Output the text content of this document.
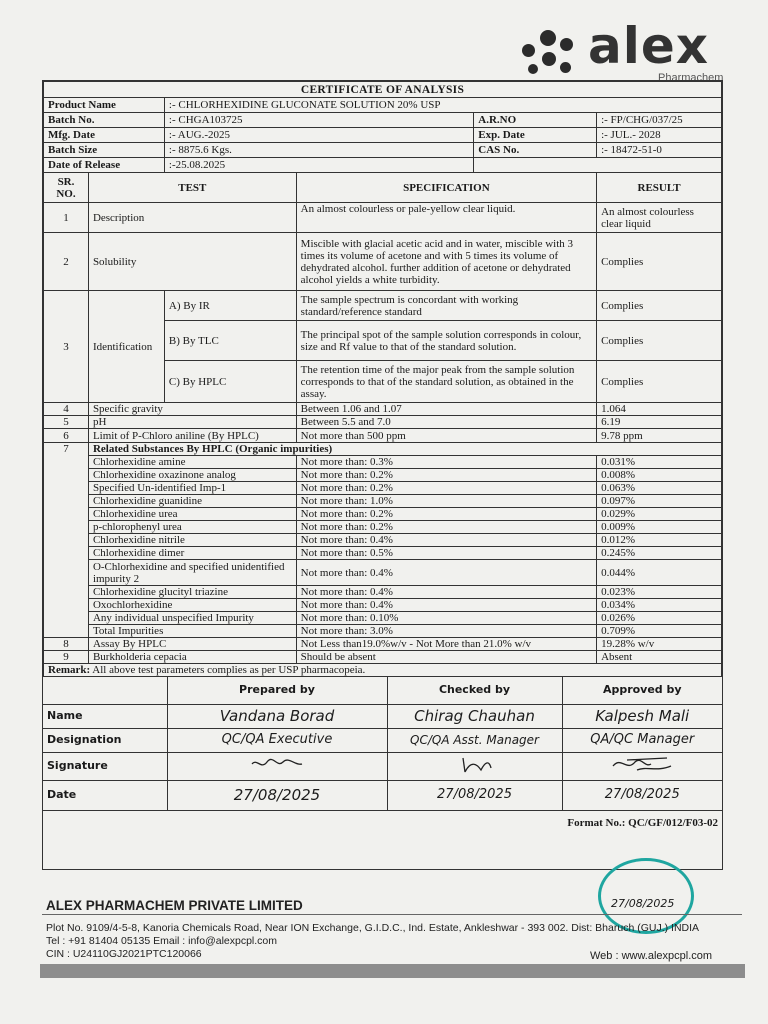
alex
Pharmachem
CERTIFICATE OF ANALYSIS					
Product Name		:- CHLORHEXIDINE GLUCONATE SOLUTION 20% USP			
Batch No.		:- CHGA103725		A.R.NO	:- FP/CHG/037/25
Mfg. Date		:- AUG.-2025		Exp. Date	:- JUL.- 2028
Batch Size		:- 8875.6 Kgs.		CAS No.	:- 18472-51-0
Date of Release		:-25.08.2025			
SR. NO.	TEST		SPECIFICATION		RESULT
1	Description		An almost colourless or pale-yellow clear liquid.		An almost colourless clear liquid
2	Solubility		Miscible with glacial acetic acid and in water, miscible with 3 times its volume of acetone and with 5 times its volume of dehydrated alcohol. further addition of acetone or dehydrated alcohol yields a white turbidity.		Complies
3	Identification	A) By IR	The sample spectrum is concordant with working standard/reference standard		Complies
		B) By TLC	The principal spot of the sample solution corresponds in colour, size and Rf value to that of the standard solution.		Complies
		C) By HPLC	The retention time of the major peak from the sample solution corresponds to that of the standard solution, as obtained in the assay.		Complies
4	Specific gravity		Between 1.06 and 1.07		1.064
5	pH		Between 5.5 and 7.0		6.19
6	Limit of P-Chloro aniline (By HPLC)		Not more than 500 ppm		9.78 ppm
7	Related Substances By HPLC (Organic impurities)				
	Chlorhexidine amine		Not more than: 0.3%		0.031%
	Chlorhexidine oxazinone analog		Not more than: 0.2%		0.008%
	Specified Un-identified Imp-1		Not more than: 0.2%		0.063%
	Chlorhexidine guanidine		Not more than: 1.0%		0.097%
	Chlorhexidine urea		Not more than: 0.2%		0.029%
	p-chlorophenyl urea		Not more than: 0.2%		0.009%
	Chlorhexidine nitrile		Not more than: 0.4%		0.012%
	Chlorhexidine dimer		Not more than: 0.5%		0.245%
	O-Chlorhexidine and specified unidentified impurity 2		Not more than: 0.4%		0.044%
	Chlorhexidine glucityl triazine		Not more than: 0.4%		0.023%
	Oxochlorhexidine		Not more than: 0.4%		0.034%
	Any individual unspecified Impurity		Not more than: 0.10%		0.026%
	Total Impurities		Not more than: 3.0%		0.709%
8	Assay By HPLC		Not Less than19.0%w/v - Not More than 21.0% w/v		19.28% w/v
9	Burkholderia cepacia		Should be absent		Absent
Remark: All above test parameters complies as per USP pharmacopeia.					
	Prepared by	Checked by	Approved by
Name	Vandana Borad	Chirag Chauhan	Kalpesh Mali
Designation	QC/QA Executive	QC/QA Asst. Manager	QA/QC Manager
Signature			
Date	27/08/2025	27/08/2025	27/08/2025
Format No.: QC/GF/012/F03-02
27/08/2025
ALEX PHARMACHEM PRIVATE LIMITED
Plot No. 9109/4-5-8, Kanoria Chemicals Road, Near ION Exchange, G.I.D.C., Ind. Estate, Ankleshwar - 393 002. Dist: Bharuch (GUJ.) INDIA
Tel : +91 81404 05135 Email : info@alexpcpl.com
CIN : U24110GJ2021PTC120066	Web : www.alexpcpl.com
